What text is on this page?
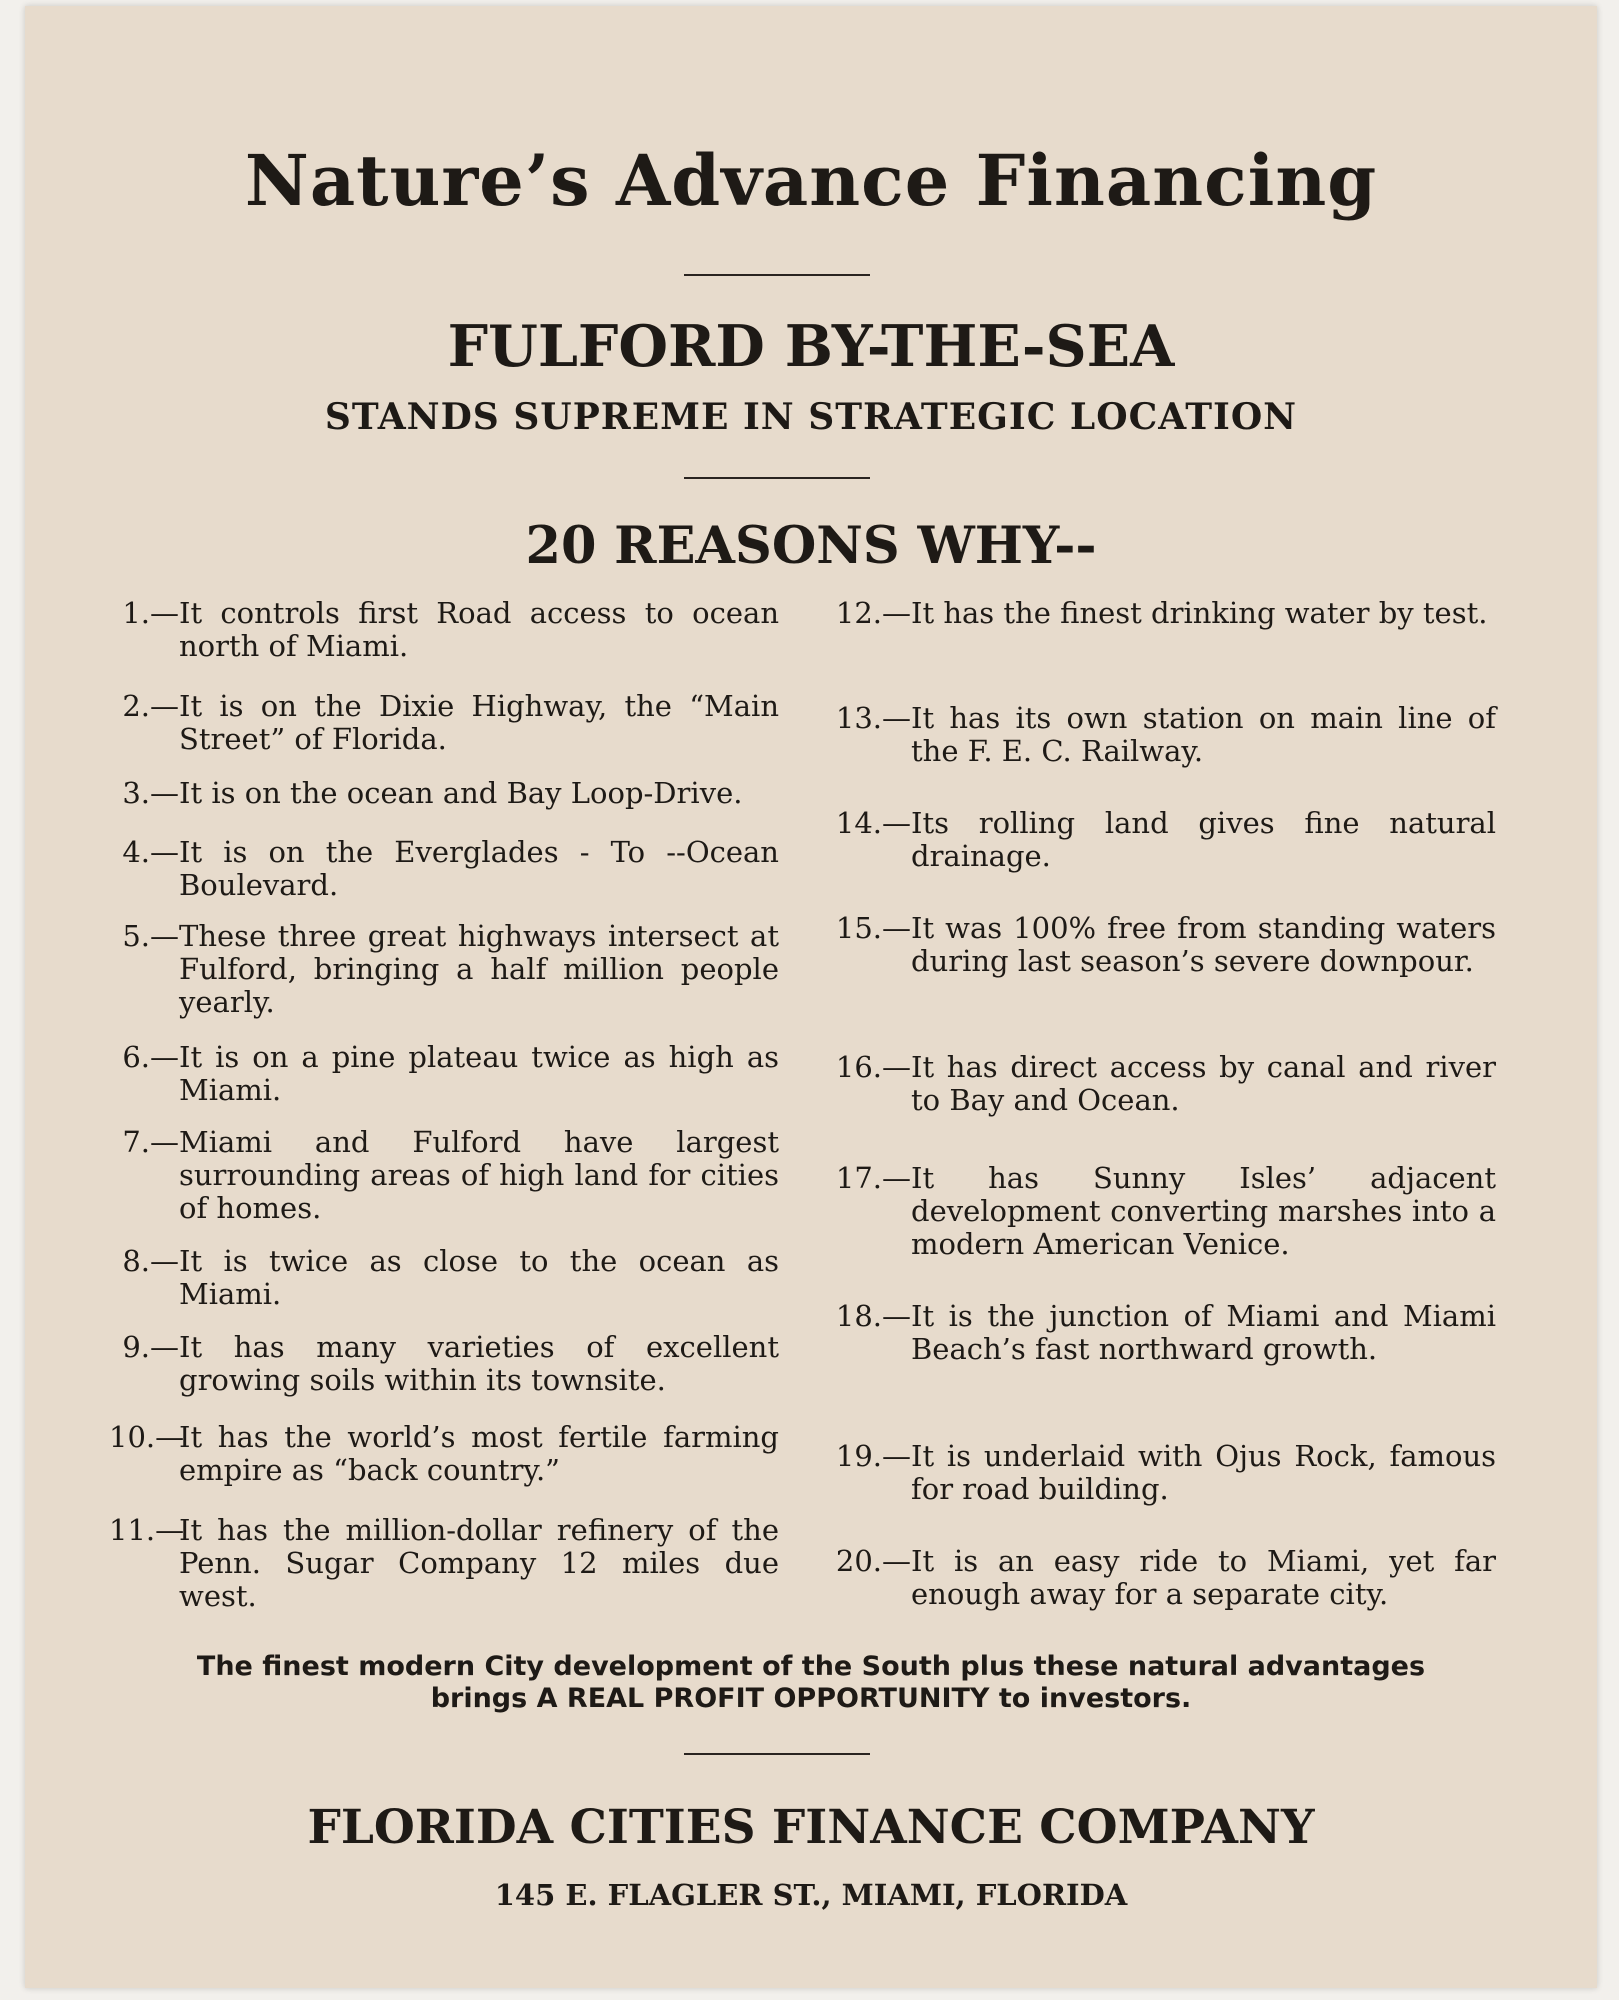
Nature’s Advance Financing
FULFORD BY-THE-SEA
STANDS SUPREME IN STRATEGIC LOCATION
20 REASONS WHY--
1.— It controls first Road access to ocean north of Miami.
2.— It is on the Dixie Highway, the “Main Street” of Florida.
3.— It is on the ocean and Bay Loop-Drive.
4.— It is on the Everglades - To --Ocean Boulevard.
5.— These three great highways intersect at Fulford, bringing a half million people yearly.
6.— It is on a pine plateau twice as high as Miami.
7.— Miami and Fulford have largest surrounding areas of high land for cities of homes.
8.— It is twice as close to the ocean as Miami.
9.— It has many varieties of excellent growing soils within its townsite.
10.—
It has the world’s most fertile farming empire as “back country.”
11.—
It has the million-dollar refinery of the Penn. Sugar Company 12 miles due west.
12.— It has the finest drinking water by test.
13.— It has its own station on main line of the F. E. C. Railway.
14.— Its rolling land gives fine natural drainage.
15.— It was 100% free from standing waters during last season’s severe downpour.
16.— It has direct access by canal and river to Bay and Ocean.
17.— It has Sunny Isles’ adjacent development converting marshes into a modern American Venice.
18.— It is the junction of Miami and Miami Beach’s fast northward growth.
19.— It is underlaid with Ojus Rock, famous for road building.
20.— It is an easy ride to Miami, yet far enough away for a separate city.
The finest modern City development of the South plus these natural advantages
brings A REAL PROFIT OPPORTUNITY to investors.
FLORIDA CITIES FINANCE COMPANY
145 E. FLAGLER ST., MIAMI, FLORIDA
